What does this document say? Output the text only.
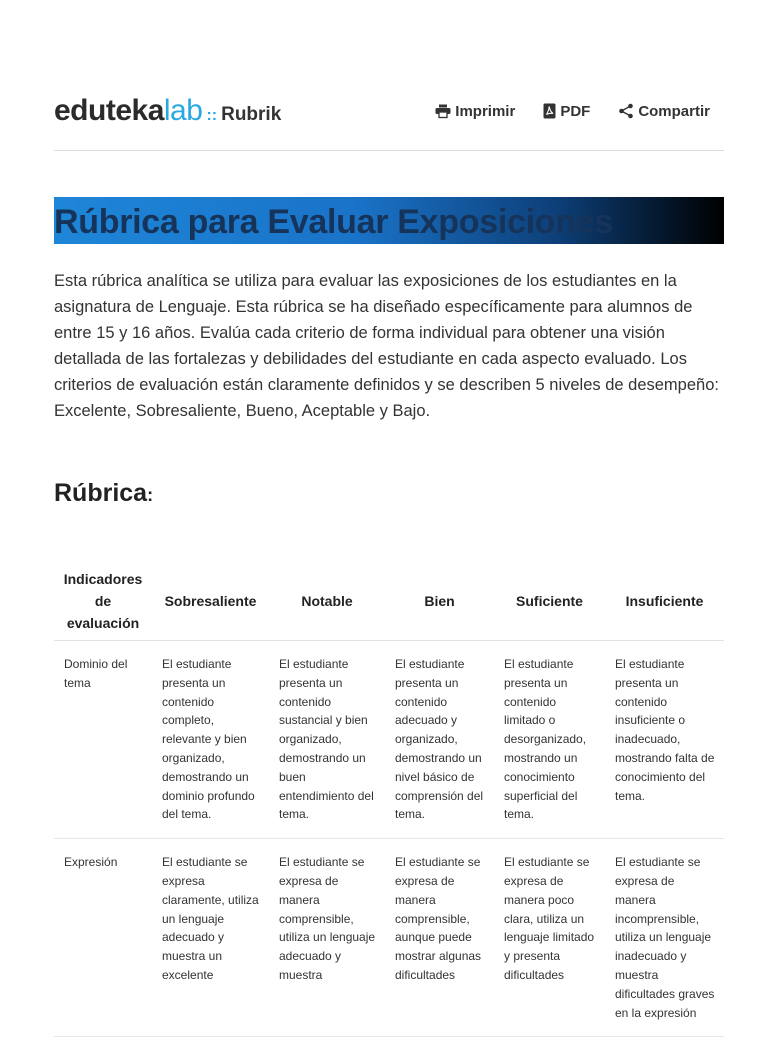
eduteka lab :: Rubrik	Imprimir	PDF	Compartir
Rúbrica para Evaluar Exposiciones
Esta rúbrica analítica se utiliza para evaluar las exposiciones de los estudiantes en la asignatura de Lenguaje. Esta rúbrica se ha diseñado específicamente para alumnos de entre 15 y 16 años. Evalúa cada criterio de forma individual para obtener una visión detallada de las fortalezas y debilidades del estudiante en cada aspecto evaluado. Los criterios de evaluación están claramente definidos y se describen 5 niveles de desempeño: Excelente, Sobresaliente, Bueno, Aceptable y Bajo.
Rúbrica:
Indicadores de evaluación	Sobresaliente	Notable	Bien	Suficiente	Insuficiente
Dominio del tema	El estudiante presenta un contenido completo, relevante y bien organizado, demostrando un dominio profundo del tema.	El estudiante presenta un contenido sustancial y bien organizado, demostrando un buen entendimiento del tema.	El estudiante presenta un contenido adecuado y organizado, demostrando un nivel básico de comprensión del tema.	El estudiante presenta un contenido limitado o desorganizado, mostrando un conocimiento superficial del tema.	El estudiante presenta un contenido insuficiente o inadecuado, mostrando falta de conocimiento del tema.
Expresión	El estudiante se expresa claramente, utiliza un lenguaje adecuado y muestra un excelente	El estudiante se expresa de manera comprensible, utiliza un lenguaje adecuado y muestra	El estudiante se expresa de manera comprensible, aunque puede mostrar algunas dificultades	El estudiante se expresa de manera poco clara, utiliza un lenguaje limitado y presenta dificultades	El estudiante se expresa de manera incomprensible, utiliza un lenguaje inadecuado y muestra dificultades graves en la expresión
